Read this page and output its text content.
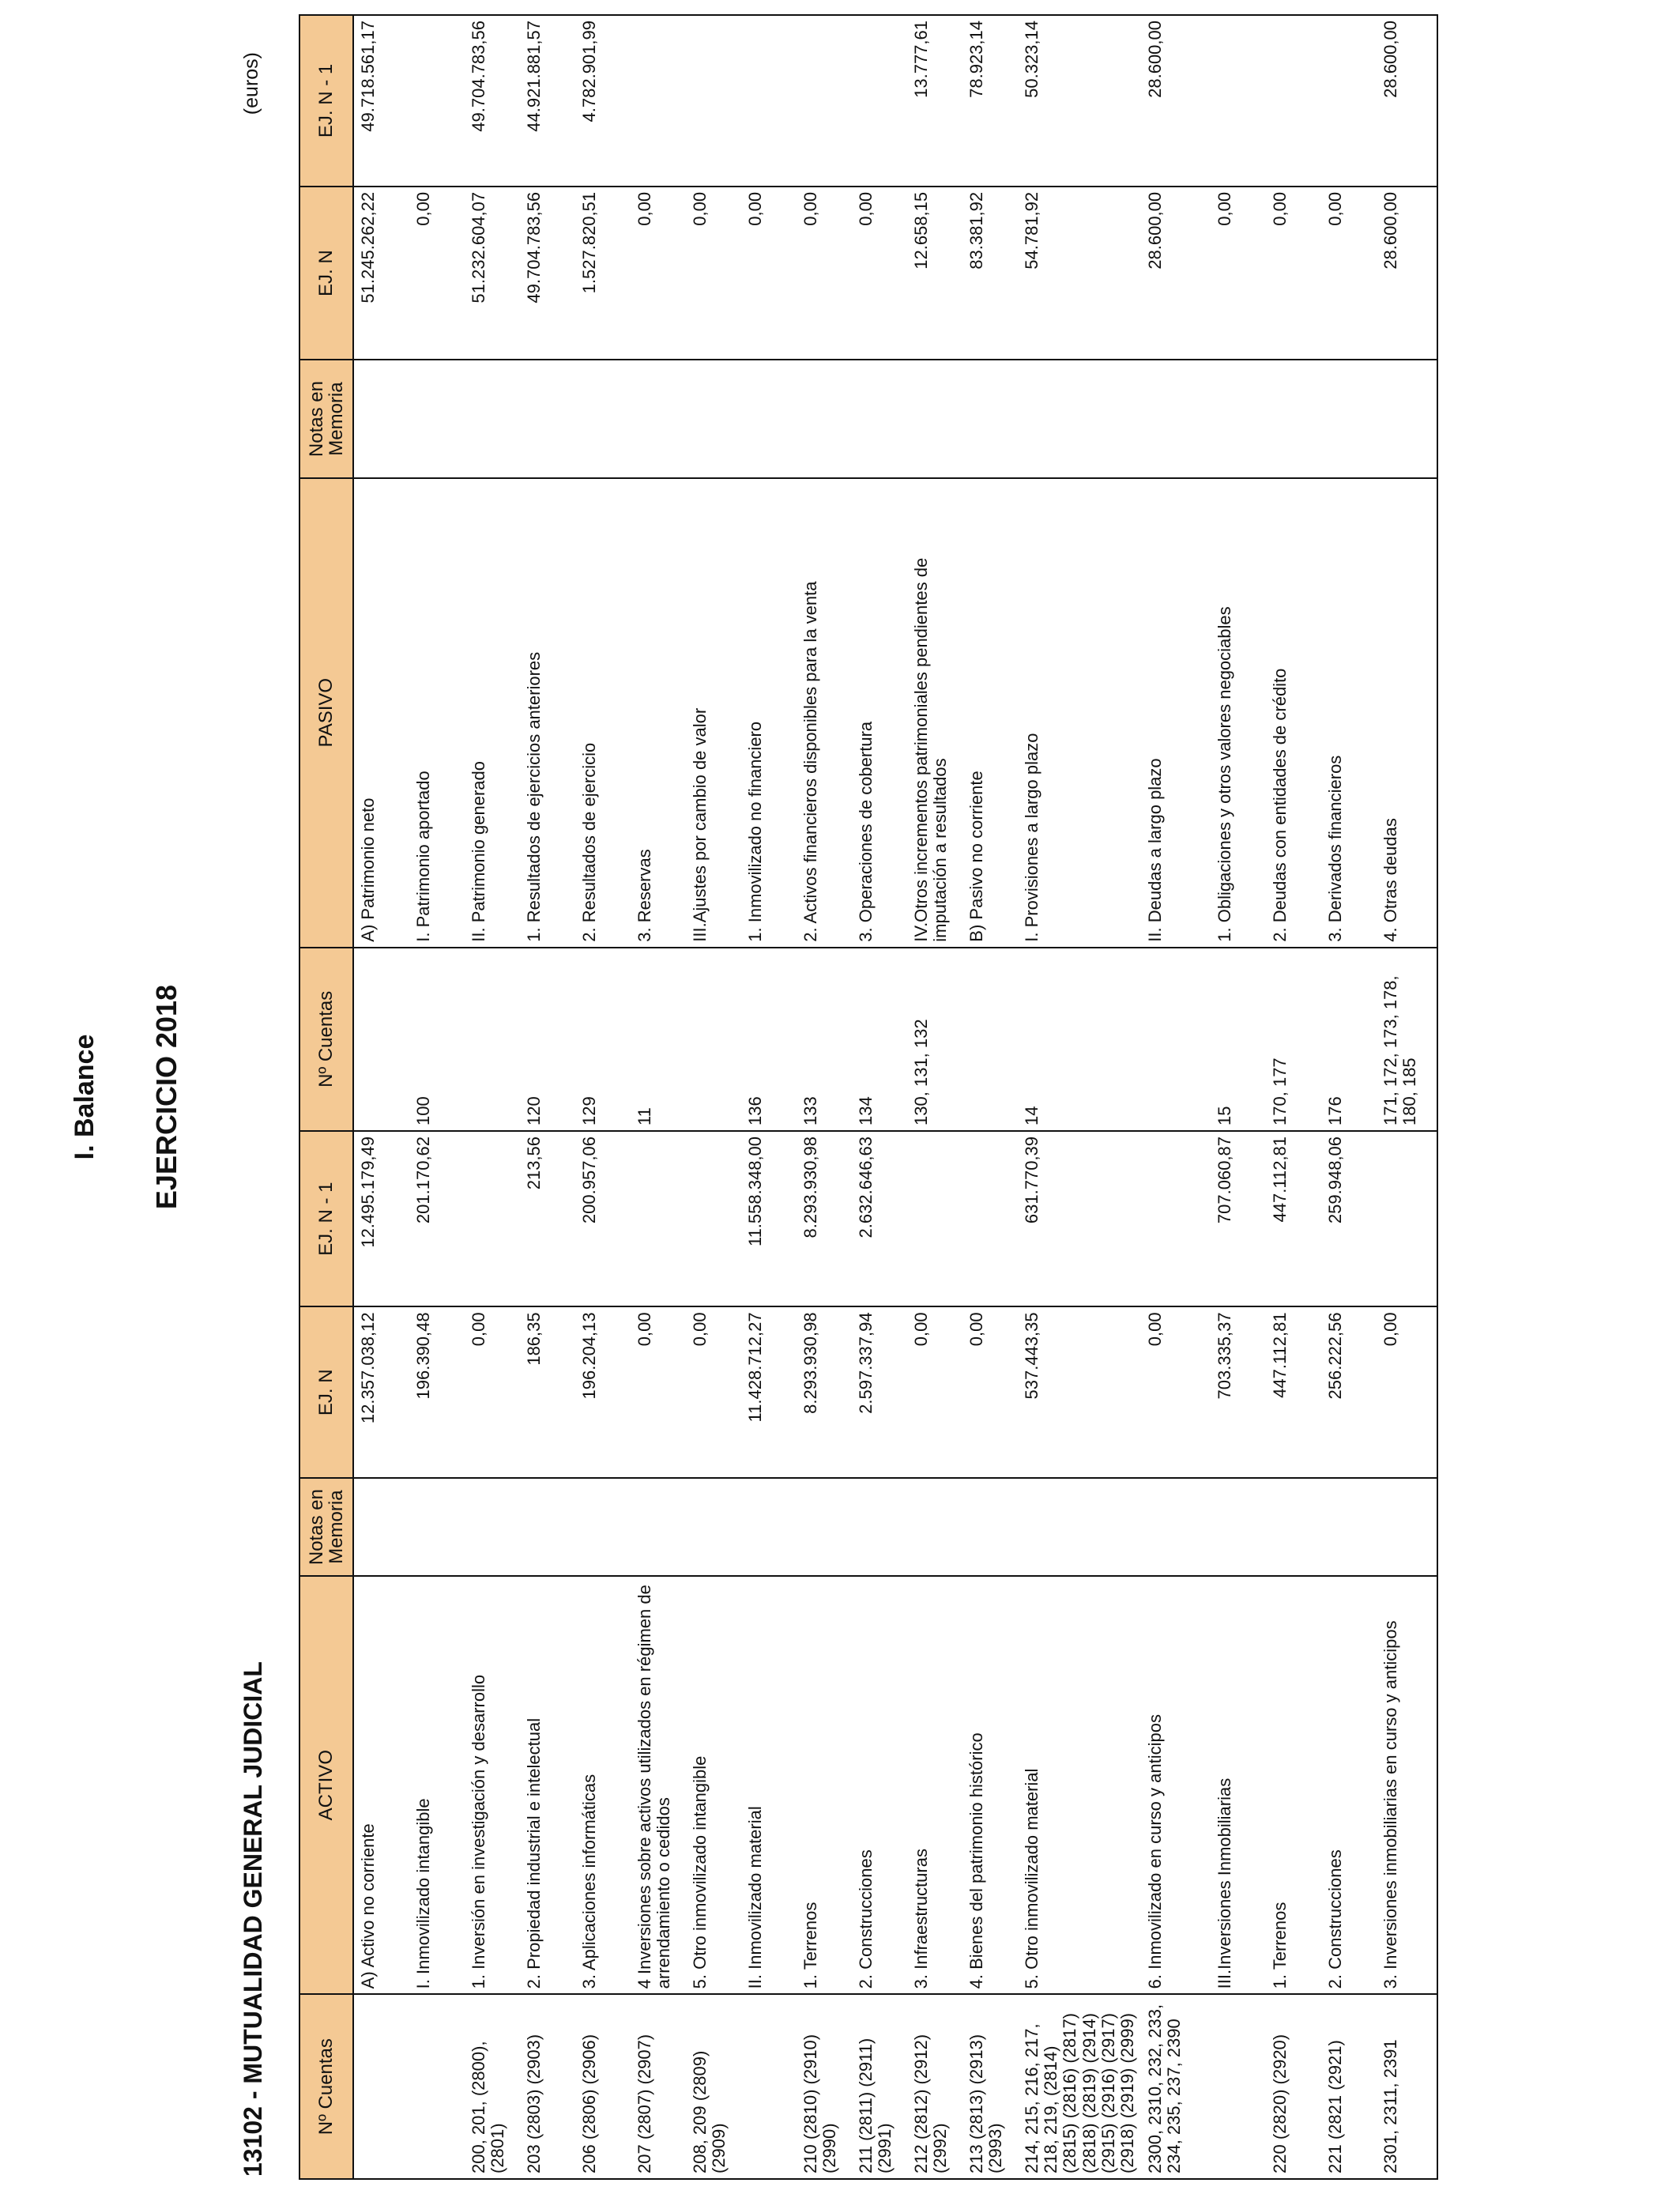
I. Balance EJERCICIO 2018
13102 - MUTUALIDAD GENERAL JUDICIAL
(euros)
Nº Cuentas	ACTIVO	Notas en Memoria	EJ. N	EJ. N - 1	Nº Cuentas	PASIVO	Notas en Memoria	EJ. N	EJ. N - 1
	A) Activo no corriente		12.357.038,12	12.495.179,49		A) Patrimonio neto		51.245.262,22	49.718.561,17
	I. Inmovilizado intangible		196.390,48	201.170,62	100	I. Patrimonio aportado		0,00	
200, 201, (2800), (2801)	1. Inversión en investigación y desarrollo		0,00			II. Patrimonio generado		51.232.604,07	49.704.783,56
203 (2803) (2903)	2. Propiedad industrial e intelectual		186,35	213,56	120	1. Resultados de ejercicios anteriores		49.704.783,56	44.921.881,57
206 (2806) (2906)	3. Aplicaciones informáticas		196.204,13	200.957,06	129	2. Resultados de ejercicio		1.527.820,51	4.782.901,99
207 (2807) (2907)	4 Inversiones sobre activos utilizados en régimen de arrendamiento o cedidos		0,00		11	3. Reservas		0,00	
208, 209 (2809) (2909)	5. Otro inmovilizado intangible		0,00			III.Ajustes por cambio de valor		0,00	
	II. Inmovilizado material		11.428.712,27	11.558.348,00	136	1. Inmovilizado no financiero		0,00	
210 (2810) (2910) (2990)	1. Terrenos		8.293.930,98	8.293.930,98	133	2. Activos financieros disponibles para la venta		0,00	
211 (2811) (2911) (2991)	2. Construcciones		2.597.337,94	2.632.646,63	134	3. Operaciones de cobertura		0,00	
212 (2812) (2912) (2992)	3. Infraestructuras		0,00		130, 131, 132	IV.Otros incrementos patrimoniales pendientes de imputación a resultados		12.658,15	13.777,61
213 (2813) (2913) (2993)	4. Bienes del patrimonio histórico		0,00			B) Pasivo no corriente		83.381,92	78.923,14
214, 215, 216, 217, 218, 219, (2814) (2815) (2816) (2817) (2818) (2819) (2914) (2915) (2916) (2917) (2918) (2919) (2999)	5. Otro inmovilizado material		537.443,35	631.770,39	14	I. Provisiones a largo plazo		54.781,92	50.323,14
2300, 2310, 232, 233, 234, 235, 237, 2390	6. Inmovilizado en curso y anticipos		0,00			II. Deudas a largo plazo		28.600,00	28.600,00
	III.Inversiones Inmobiliarias		703.335,37	707.060,87	15	1. Obligaciones y otros valores negociables		0,00	
220 (2820) (2920)	1. Terrenos		447.112,81	447.112,81	170, 177	2. Deudas con entidades de crédito		0,00	
221 (2821 (2921)	2. Construcciones		256.222,56	259.948,06	176	3. Derivados financieros		0,00	
2301, 2311, 2391	3. Inversiones inmobiliarias en curso y anticipos		0,00		171, 172, 173, 178, 180, 185	4. Otras deudas		28.600,00	28.600,00
